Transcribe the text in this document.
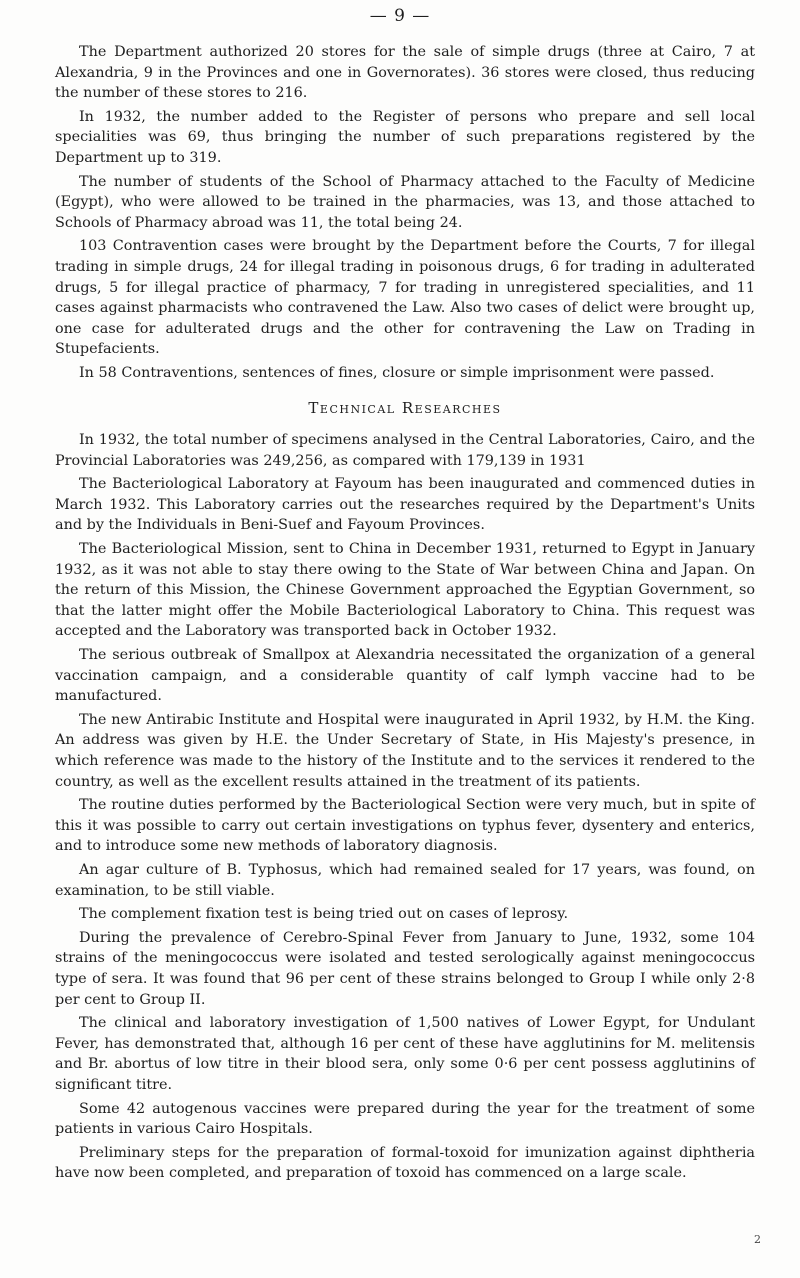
— 9 —

The Department authorized 20 stores for the sale of simple drugs (three at Cairo, 7 at Alexandria, 9 in the Provinces and one in Governorates). 36 stores were closed, thus reducing the number of these stores to 216.

In 1932, the number added to the Register of persons who prepare and sell local specialities was 69, thus bringing the number of such preparations registered by the Department up to 319.

The number of students of the School of Pharmacy attached to the Faculty of Medicine (Egypt), who were allowed to be trained in the pharmacies, was 13, and those attached to Schools of Pharmacy abroad was 11, the total being 24.

103 Contravention cases were brought by the Department before the Courts, 7 for illegal trading in simple drugs, 24 for illegal trading in poisonous drugs, 6 for trading in adulterated drugs, 5 for illegal practice of pharmacy, 7 for trading in unregistered specialities, and 11 cases against pharmacists who contravened the Law. Also two cases of delict were brought up, one case for adulterated drugs and the other for contravening the Law on Trading in Stupefacients.

In 58 Contraventions, sentences of fines, closure or simple imprisonment were passed.

Technical Researches

In 1932, the total number of specimens analysed in the Central Laboratories, Cairo, and the Provincial Laboratories was 249,256, as compared with 179,139 in 1931

The Bacteriological Laboratory at Fayoum has been inaugurated and commenced duties in March 1932. This Laboratory carries out the researches required by the Department's Units and by the Individuals in Beni-Suef and Fayoum Provinces.

The Bacteriological Mission, sent to China in December 1931, returned to Egypt in January 1932, as it was not able to stay there owing to the State of War between China and Japan. On the return of this Mission, the Chinese Government approached the Egyptian Government, so that the latter might offer the Mobile Bacteriological Laboratory to China. This request was accepted and the Laboratory was transported back in October 1932.

The serious outbreak of Smallpox at Alexandria necessitated the organization of a general vaccination campaign, and a considerable quantity of calf lymph vaccine had to be manufactured.

The new Antirabic Institute and Hospital were inaugurated in April 1932, by H.M. the King. An address was given by H.E. the Under Secretary of State, in His Majesty's presence, in which reference was made to the history of the Institute and to the services it rendered to the country, as well as the excellent results attained in the treatment of its patients.

The routine duties performed by the Bacteriological Section were very much, but in spite of this it was possible to carry out certain investigations on typhus fever, dysentery and enterics, and to introduce some new methods of laboratory diagnosis.

An agar culture of B. Typhosus, which had remained sealed for 17 years, was found, on examination, to be still viable.

The complement fixation test is being tried out on cases of leprosy.

During the prevalence of Cerebro-Spinal Fever from January to June, 1932, some 104 strains of the meningococcus were isolated and tested serologically against meningococcus type of sera. It was found that 96 per cent of these strains belonged to Group I while only 2·8 per cent to Group II.

The clinical and laboratory investigation of 1,500 natives of Lower Egypt, for Undulant Fever, has demonstrated that, although 16 per cent of these have agglutinins for M. melitensis and Br. abortus of low titre in their blood sera, only some 0·6 per cent possess agglutinins of significant titre.

Some 42 autogenous vaccines were prepared during the year for the treatment of some patients in various Cairo Hospitals.

Preliminary steps for the preparation of formal-toxoid for imunization against diphtheria have now been completed, and preparation of toxoid has commenced on a large scale.

2
